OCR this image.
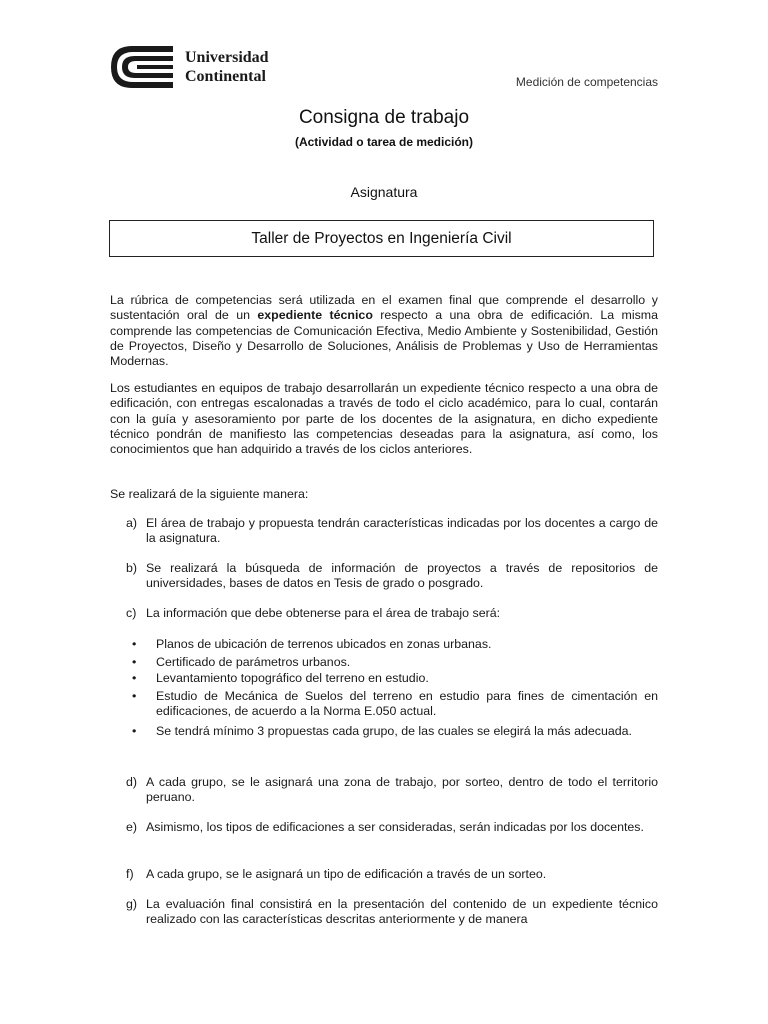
Universidad
Continental	Medición de competencias
Consigna de trabajo
(Actividad o tarea de medición)
Asignatura
Taller de Proyectos en Ingeniería Civil
La rúbrica de competencias será utilizada en el examen final que comprende el desarrollo y sustentación oral de un expediente técnico respecto a una obra de edificación. La misma comprende las competencias de Comunicación Efectiva, Medio Ambiente y Sostenibilidad, Gestión de Proyectos, Diseño y Desarrollo de Soluciones, Análisis de Problemas y Uso de Herramientas Modernas.
Los estudiantes en equipos de trabajo desarrollarán un expediente técnico respecto a una obra de edificación, con entregas escalonadas a través de todo el ciclo académico, para lo cual, contarán con la guía y asesoramiento por parte de los docentes de la asignatura, en dicho expediente técnico pondrán de manifiesto las competencias deseadas para la asignatura, así como, los conocimientos que han adquirido a través de los ciclos anteriores.
Se realizará de la siguiente manera:
a) El área de trabajo y propuesta tendrán características indicadas por los docentes a cargo de la asignatura.
b) Se realizará la búsqueda de información de proyectos a través de repositorios de universidades, bases de datos en Tesis de grado o posgrado.
c) La información que debe obtenerse para el área de trabajo será:
• Planos de ubicación de terrenos ubicados en zonas urbanas.
• Certificado de parámetros urbanos.
• Levantamiento topográfico del terreno en estudio.
• Estudio de Mecánica de Suelos del terreno en estudio para fines de cimentación en edificaciones, de acuerdo a la Norma E.050 actual.
• Se tendrá mínimo 3 propuestas cada grupo, de las cuales se elegirá la más adecuada.
d) A cada grupo, se le asignará una zona de trabajo, por sorteo, dentro de todo el territorio peruano.
e) Asimismo, los tipos de edificaciones a ser consideradas, serán indicadas por los docentes.
f) A cada grupo, se le asignará un tipo de edificación a través de un sorteo.
g) La evaluación final consistirá en la presentación del contenido de un expediente técnico realizado con las características descritas anteriormente y de manera
